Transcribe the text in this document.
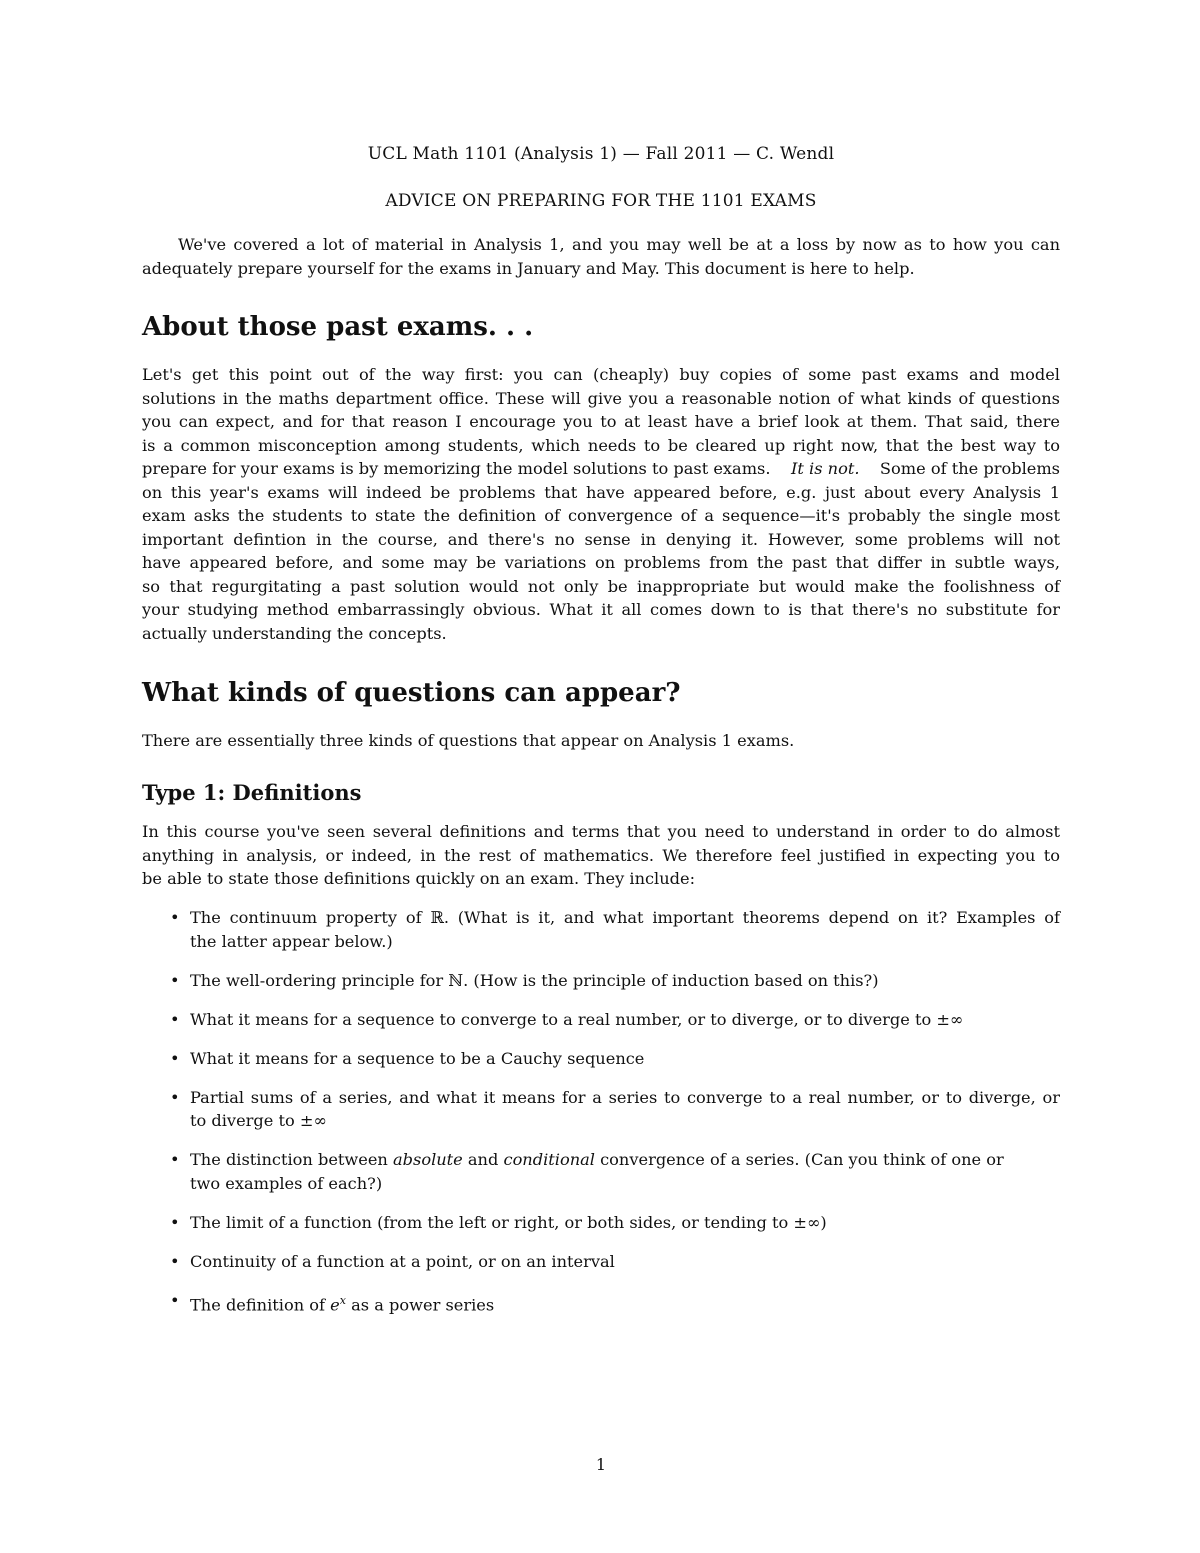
UCL Math 1101 (Analysis 1) — Fall 2011 — C. Wendl
ADVICE ON PREPARING FOR THE 1101 EXAMS

We've covered a lot of material in Analysis 1, and you may well be at a loss by now as to how you can
adequately prepare yourself for the exams in January and May. This document is here to help.

About those past exams. . .

Let's get this point out of the way first: you can (cheaply) buy copies of some past exams and model
solutions in the maths department office. These will give you a reasonable notion of what kinds of questions
you can expect, and for that reason I encourage you to at least have a brief look at them. That said, there
is a common misconception among students, which needs to be cleared up right now, that the best way to
prepare for your exams is by memorizing the model solutions to past exams. It is not. Some of the problems
on this year's exams will indeed be problems that have appeared before, e.g. just about every Analysis 1
exam asks the students to state the definition of convergence of a sequence—it's probably the single most
important defintion in the course, and there's no sense in denying it. However, some problems will not
have appeared before, and some may be variations on problems from the past that differ in subtle ways,
so that regurgitating a past solution would not only be inappropriate but would make the foolishness of
your studying method embarrassingly obvious. What it all comes down to is that there's no substitute for
actually understanding the concepts.

What kinds of questions can appear?

There are essentially three kinds of questions that appear on Analysis 1 exams.

Type 1: Definitions

In this course you've seen several definitions and terms that you need to understand in order to do almost
anything in analysis, or indeed, in the rest of mathematics. We therefore feel justified in expecting you to
be able to state those definitions quickly on an exam. They include:

• The continuum property of ℝ. (What is it, and what important theorems depend on it? Examples of
the latter appear below.)
• The well-ordering principle for ℕ. (How is the principle of induction based on this?)
• What it means for a sequence to converge to a real number, or to diverge, or to diverge to ±∞
• What it means for a sequence to be a Cauchy sequence
• Partial sums of a series, and what it means for a series to converge to a real number, or to diverge, or
to diverge to ±∞
• The distinction between absolute and conditional convergence of a series. (Can you think of one or
two examples of each?)
• The limit of a function (from the left or right, or both sides, or tending to ±∞)
• Continuity of a function at a point, or on an interval
• The definition of $e^x$ as a power series
1
